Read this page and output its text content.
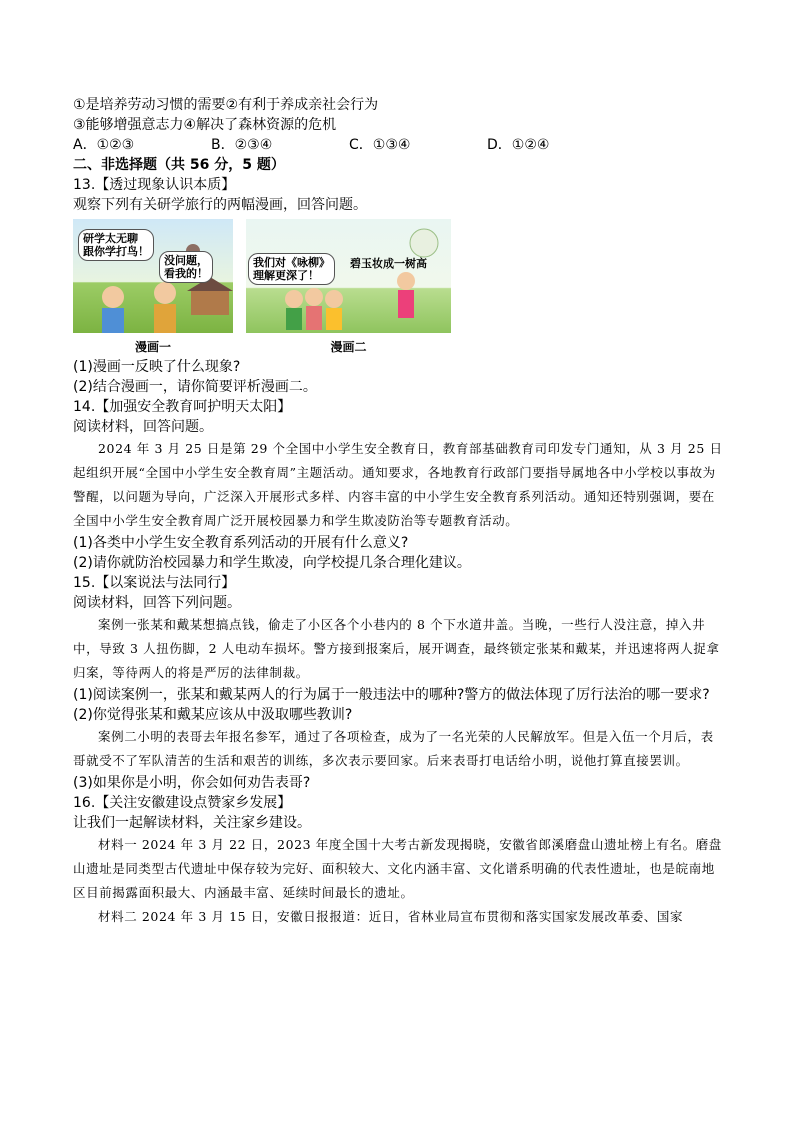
①是培养劳动习惯的需要②有利于养成亲社会行为
③能够增强意志力④解决了森林资源的危机
A．①②③	B．②③④	C．①③④	D．①②④
二、非选择题（共 56 分，5 题）
13.【透过现象认识本质】
观察下列有关研学旅行的两幅漫画，回答问题。
研学太无聊
跟你学打鸟！
没问题，
看我的！
我们对《咏柳》
理解更深了！
碧玉妆成一树高
漫画一	漫画二
(1)漫画一反映了什么现象?
(2)结合漫画一，请你简要评析漫画二。
14.【加强安全教育呵护明天太阳】
阅读材料，回答问题。

2024 年 3 月 25 日是第 29 个全国中小学生安全教育日，教育部基础教育司印发专门通知，从 3 月 25 日起组织开展“全国中小学生安全教育周”主题活动。通知要求，各地教育行政部门要指导属地各中小学校以事故为警醒，以问题为导向，广泛深入开展形式多样、内容丰富的中小学生安全教育系列活动。通知还特别强调，要在全国中小学生安全教育周广泛开展校园暴力和学生欺凌防治等专题教育活动。

(1)各类中小学生安全教育系列活动的开展有什么意义?
(2)请你就防治校园暴力和学生欺凌，向学校提几条合理化建议。
15.【以案说法与法同行】
阅读材料，回答下列问题。

案例一张某和戴某想搞点钱，偷走了小区各个小巷内的 8 个下水道井盖。当晚，一些行人没注意，掉入井中，导致 3 人扭伤脚，2 人电动车损坏。警方接到报案后，展开调查，最终锁定张某和戴某，并迅速将两人捉拿归案，等待两人的将是严厉的法律制裁。

(1)阅读案例一，张某和戴某两人的行为属于一般违法中的哪种?警方的做法体现了厉行法治的哪一要求?
(2)你觉得张某和戴某应该从中汲取哪些教训?

案例二小明的表哥去年报名参军，通过了各项检查，成为了一名光荣的人民解放军。但是入伍一个月后，表哥就受不了军队清苦的生活和艰苦的训练，多次表示要回家。后来表哥打电话给小明，说他打算直接罢训。

(3)如果你是小明，你会如何劝告表哥?
16.【关注安徽建设点赞家乡发展】
让我们一起解读材料，关注家乡建设。

材料一 2024 年 3 月 22 日，2023 年度全国十大考古新发现揭晓，安徽省郎溪磨盘山遗址榜上有名。磨盘山遗址是同类型古代遗址中保存较为完好、面积较大、文化内涵丰富、文化谱系明确的代表性遗址，也是皖南地区目前揭露面积最大、内涵最丰富、延续时间最长的遗址。

材料二 2024 年 3 月 15 日，安徽日报报道：近日，省林业局宣布贯彻和落实国家发展改革委、国家
